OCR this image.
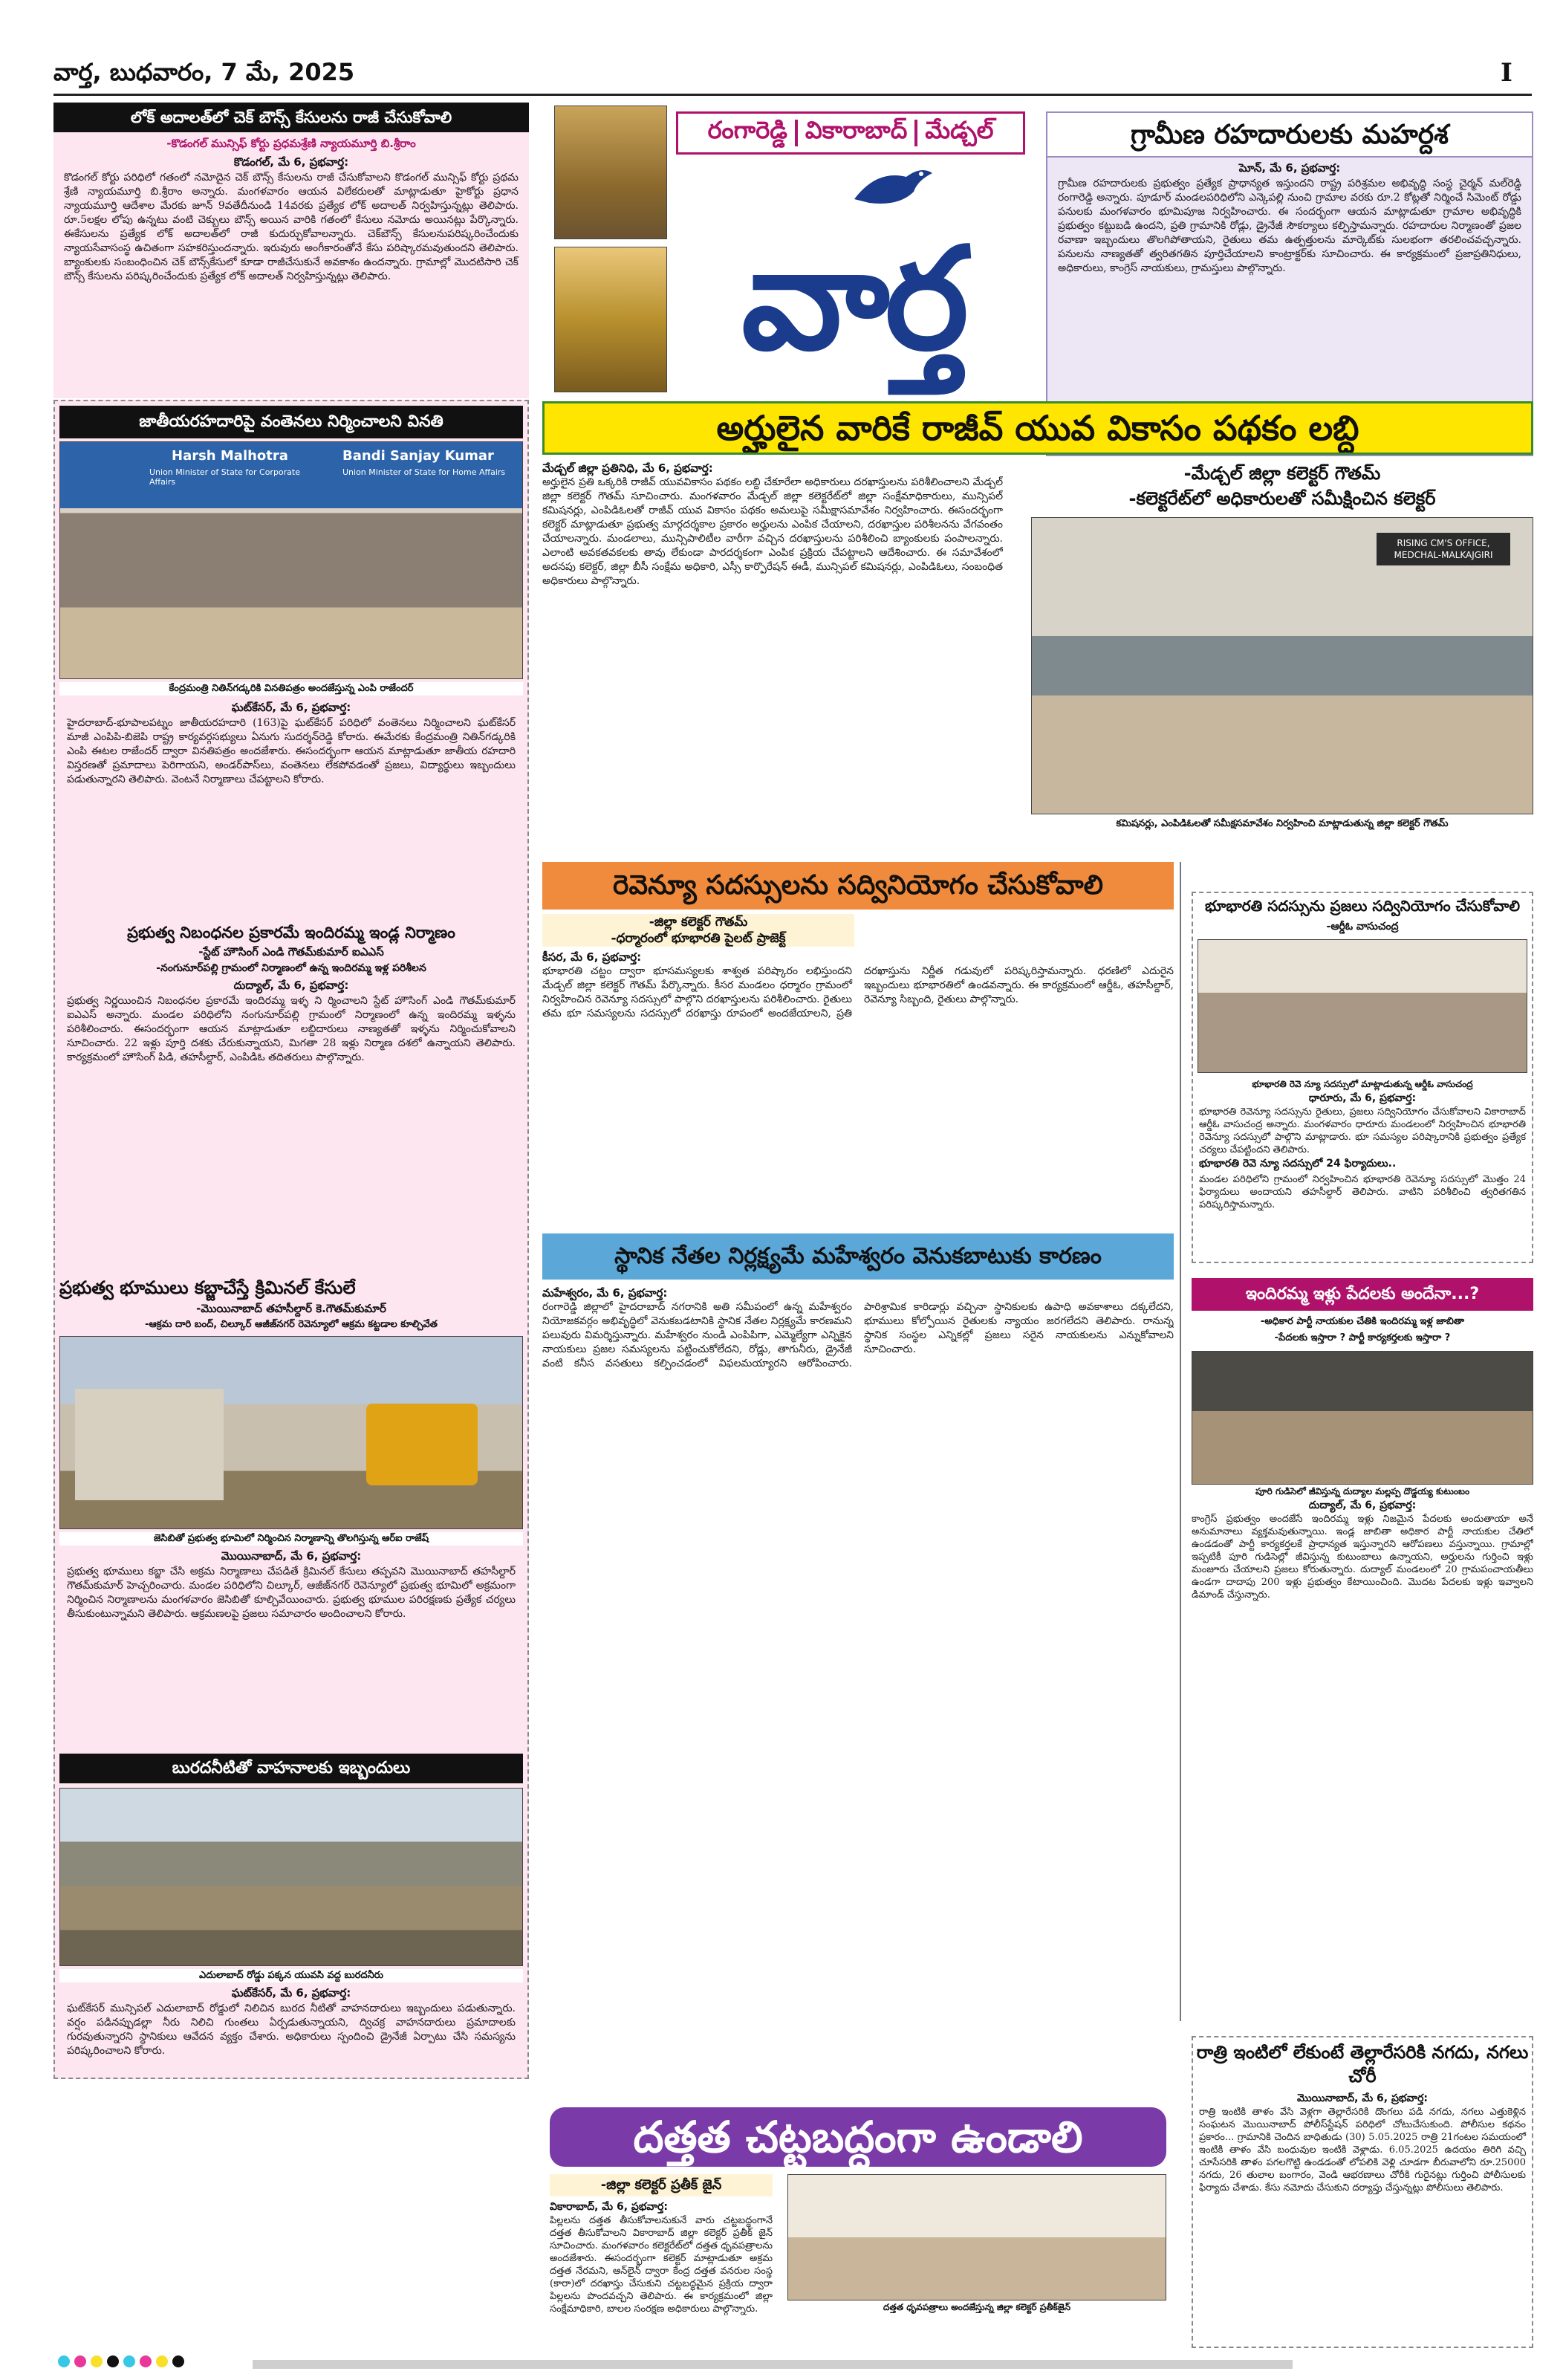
వార్త, బుధవారం, 7 మే, 2025	I
లోక్ అదాలత్‌లో చెక్ బౌన్స్ కేసులను రాజీ చేసుకోవాలి
-కొడంగల్ మున్సిఫ్ కోర్టు ప్రధమశ్రేణి న్యాయమూర్తి బి.శ్రీరాం
కొడంగల్, మే 6, ప్రభవార్త:
కొడంగల్ కోర్టు పరిధిలో గతంలో నమోదైన చెక్ బౌన్స్ కేసులను రాజీ చేసుకోవాలని కొడంగల్ మున్సిఫ్ కోర్టు ప్రథమ శ్రేణి న్యాయమూర్తి బి.శ్రీరాం అన్నారు. మంగళవారం ఆయన విలేకరులతో మాట్లాడుతూ హైకోర్టు ప్రధాన న్యాయమూర్తి ఆదేశాల మేరకు జూన్ 9వతేదీనుండి 14వరకు ప్రత్యేక లోక్ అదాలత్ నిర్వహిస్తున్నట్లు తెలిపారు. రూ.5లక్షల లోపు ఉన్నటు వంటి చెక్బులు బౌన్స్ అయిన వారికి గతంలో కేసులు నమోదు అయినట్లు పేర్కొన్నారు. ఈకేసులను ప్రత్యేక లోక్ అదాలత్‌లో రాజీ కుదుర్చుకోవాలన్నారు. చెక్‌బౌన్స్ కేసులనుపరిష్కరించేందుకు న్యాయసేవాసంస్థ ఉచితంగా సహకరిస్తుందన్నారు. ఇరువురు అంగీకారంతోనే కేసు పరిష్కారమవుతుందని తెలిపారు. బ్యాంకులకు సంబంధించిన చెక్ బౌన్స్‌కేసులో కూడా రాజీచేసుకునే అవకాశం ఉందన్నారు. గ్రామాల్లో మొదటిసారి చెక్ బౌన్స్ కేసులను పరిష్కరించేందుకు ప్రత్యేక లోక్ అదాలత్ నిర్వహిస్తున్నట్లు తెలిపారు.
రంగారెడ్డి వికారాబాద్ మేడ్చల్
వార్త
గ్రామీణ రహదారులకు మహర్దశ
పెూన్, మే 6, ప్రభవార్త:
గ్రామీణ రహదారులకు ప్రభుత్వం ప్రత్యేక ప్రాధాన్యత ఇస్తుందని రాష్ట్ర పరిశ్రమల అభివృద్ధి సంస్థ చైర్మన్ మల్‌రెడ్డి రంగారెడ్డి అన్నారు. పూడూర్ మండలపరిధిలోని ఎన్కెపల్లి నుంచి గ్రామాల వరకు రూ.2 కోట్లతో నిర్మించే సిమెంట్ రోడ్డు పనులకు మంగళవారం భూమిపూజ నిర్వహించారు. ఈ సందర్భంగా ఆయన మాట్లాడుతూ గ్రామాల అభివృద్ధికి ప్రభుత్వం కట్టుబడి ఉందని, ప్రతి గ్రామానికి రోడ్లు, డ్రైనేజీ సౌకర్యాలు కల్పిస్తామన్నారు. రహదారుల నిర్మాణంతో ప్రజల రవాణా ఇబ్బందులు తొలగిపోతాయని, రైతులు తమ ఉత్పత్తులను మార్కెట్‌కు సులభంగా తరలించవచ్చన్నారు. పనులను నాణ్యతతో త్వరితగతిన పూర్తిచేయాలని కాంట్రాక్టర్‌కు సూచించారు. ఈ కార్యక్రమంలో ప్రజాప్రతినిధులు, అధికారులు, కాంగ్రెస్ నాయకులు, గ్రామస్తులు పాల్గొన్నారు.
జాతీయరహదారిపై వంతెనలు నిర్మించాలని వినతి
Harsh Malhotra	Bandi Sanjay Kumar
Union Minister of State for Corporate Affairs
Union Minister of State for Home Affairs
కేంద్రమంత్రి నితిన్‌గడ్కరికి వినతిపత్రం అందజేస్తున్న ఎంపి రాజేందర్
ఘట్‌కేసర్, మే 6, ప్రభవార్త:
హైదరాబాద్-భూపాలపట్నం జాతీయరహదారి (163)పై ఘట్‌కేసర్ పరిధిలో వంతెనలు నిర్మించాలని ఘట్‌కేసర్ మాజీ ఎంపిపి-బిజెపి రాష్ట్ర కార్యవర్గసభ్యులు ఏనుగు సుదర్శన్‌రెడ్డి కోరారు. ఈమేరకు కేంద్రమంత్రి నితిన్‌గడ్కరికి ఎంపి ఈటల రాజేందర్ ద్వారా వినతిపత్రం అందజేశారు. ఈసందర్భంగా ఆయన మాట్లాడుతూ జాతీయ రహదారి విస్తరణతో ప్రమాదాలు పెరిగాయని, అండర్‌పాస్‌లు, వంతెనలు లేకపోవడంతో ప్రజలు, విద్యార్థులు ఇబ్బందులు పడుతున్నారని తెలిపారు. వెంటనే నిర్మాణాలు చేపట్టాలని కోరారు.
ప్రభుత్వ నిబంధనల ప్రకారమే ఇందిరమ్మ ఇండ్ల నిర్మాణం
-స్టేట్ హౌసింగ్ ఎండి గౌతమ్‌కుమార్ ఐఎఎస్
-నంగునూర్‌పల్లి గ్రామంలో నిర్మాణంలో ఉన్న ఇందిరమ్మ ఇళ్ల పరిశీలన
దుద్యాల్, మే 6, ప్రభవార్త:
ప్రభుత్వ నిర్ణయించిన నిబంధనల ప్రకారమే ఇందిరమ్మ ఇళ్ళ ని ర్మించాలని స్టేట్ హౌసింగ్ ఎండి గౌతమ్‌కుమార్ ఐఎఎస్ అన్నారు. మండల పరిధిలోని నంగునూర్‌పల్లి గ్రామంలో నిర్మాణంలో ఉన్న ఇందిరమ్మ ఇళ్ళను పరిశీలించారు. ఈసందర్భంగా ఆయన మాట్లాడుతూ లబ్దిదారులు నాణ్యతతో ఇళ్ళను నిర్మించుకోవాలని సూచించారు. 22 ఇళ్లు పూర్తి దశకు చేరుకున్నాయని, మిగతా 28 ఇళ్లు నిర్మాణ దశలో ఉన్నాయని తెలిపారు. కార్యక్రమంలో హౌసింగ్ పిడి, తహసీల్దార్, ఎంపిడిఓ తదితరులు పాల్గొన్నారు.
ప్రభుత్వ భూములు కబ్జాచేస్తే క్రిమినల్ కేసులే
-మొయినాబాద్ తహసీల్దార్ కె.గౌతమ్‌కుమార్
-ఆక్రమ దారి బంద్, చిల్కూర్ ఆజీజ్‌నగర్ రెవెన్యూలో ఆక్రమ కట్టడాల కూల్చివేత
జెసిబితో ప్రభుత్వ భూమిలో నిర్మించిన నిర్మాణాన్ని తొలగిస్తున్న ఆర్‌ఐ రాజేష్
మొయినాబాద్, మే 6, ప్రభవార్త:
ప్రభుత్వ భూములు కబ్జా చేసి అక్రమ నిర్మాణాలు చేపడితే క్రిమినల్ కేసులు తప్పవని మొయినాబాద్ తహసీల్దార్ గౌతమ్‌కుమార్ హెచ్చరించారు. మండల పరిధిలోని చిల్కూర్, ఆజీజ్‌నగర్ రెవెన్యూలో ప్రభుత్వ భూమిలో అక్రమంగా నిర్మించిన నిర్మాణాలను మంగళవారం జెసిబితో కూల్చివేయించారు. ప్రభుత్వ భూముల పరిరక్షణకు ప్రత్యేక చర్యలు తీసుకుంటున్నామని తెలిపారు. ఆక్రమణలపై ప్రజలు సమాచారం అందించాలని కోరారు.
బురదనీటితో వాహనాలకు ఇబ్బందులు
ఎదులాబాద్ రోడ్డు పక్కన యువసి వద్ద బురదనీరు
ఘట్‌కేసర్, మే 6, ప్రభవార్త:
ఘట్‌కేసర్ మున్సిపల్ ఎదులాబాద్ రోడ్డులో నిలిచిన బురద నీటితో వాహనదారులు ఇబ్బందులు పడుతున్నారు. వర్షం పడినప్పుడల్లా నీరు నిలిచి గుంతలు ఏర్పడుతున్నాయని, ద్విచక్ర వాహనదారులు ప్రమాదాలకు గురవుతున్నారని స్థానికులు ఆవేదన వ్యక్తం చేశారు. అధికారులు స్పందించి డ్రైనేజీ ఏర్పాటు చేసి సమస్యను పరిష్కరించాలని కోరారు.
అర్హులైన వారికే రాజీవ్ యువ వికాసం పథకం లబ్ది
మేడ్చల్ జిల్లా ప్రతినిధి, మే 6, ప్రభవార్త:
అర్హులైన ప్రతి ఒక్కరికి రాజీవ్ యువవికాసం పథకం లబ్ది చేకూరేలా అధికారులు దరఖాస్తులను పరిశీలించాలని మేడ్చల్ జిల్లా కలెక్టర్ గౌతమ్ సూచించారు. మంగళవారం మేడ్చల్ జిల్లా కలెక్టరేట్‌లో జిల్లా సంక్షేమాధికారులు, మున్సిపల్ కమిషనర్లు, ఎంపిడిఓలతో రాజీవ్ యువ వికాసం పథకం అమలుపై సమీక్షాసమావేశం నిర్వహించారు. ఈసందర్భంగా కలెక్టర్ మాట్లాడుతూ ప్రభుత్వ మార్గదర్శకాల ప్రకారం అర్హులను ఎంపిక చేయాలని, దరఖాస్తుల పరిశీలనను వేగవంతం చేయాలన్నారు. మండలాలు, మున్సిపాలిటీల వారీగా వచ్చిన దరఖాస్తులను పరిశీలించి బ్యాంకులకు పంపాలన్నారు. ఎలాంటి అవకతవకలకు తావు లేకుండా పారదర్శకంగా ఎంపిక ప్రక్రియ చేపట్టాలని ఆదేశించారు. ఈ సమావేశంలో అదనపు కలెక్టర్, జిల్లా బీసీ సంక్షేమ అధికారి, ఎస్సీ కార్పొరేషన్ ఈడీ, మున్సిపల్ కమిషనర్లు, ఎంపిడిఓలు, సంబంధిత అధికారులు పాల్గొన్నారు.
-మేడ్చల్ జిల్లా కలెక్టర్ గౌతమ్
-కలెక్టరేట్‌లో అధికారులతో సమీక్షించిన కలెక్టర్
RISING CM'S OFFICE, MEDCHAL-MALKAJGIRI
కమిషనర్లు, ఎంపిడిఓలతో సమీక్షసమావేశం నిర్వహించి మాట్లాడుతున్న జిల్లా కలెక్టర్ గౌతమ్
రెవెన్యూ సదస్సులను సద్వినియోగం చేసుకోవాలి
-జిల్లా కలెక్టర్ గౌతమ్
-ధర్మారంలో భూభారతి పైలట్ ప్రాజెక్ట్
కీసర, మే 6, ప్రభవార్త:
భూభారతి చట్టం ద్వారా భూసమస్యలకు శాశ్వత పరిష్కారం లభిస్తుందని మేడ్చల్ జిల్లా కలెక్టర్ గౌతమ్ పేర్కొన్నారు. కీసర మండలం ధర్మారం గ్రామంలో నిర్వహించిన రెవెన్యూ సదస్సులో పాల్గొని దరఖాస్తులను పరిశీలించారు. రైతులు తమ భూ సమస్యలను సదస్సులో దరఖాస్తు రూపంలో అందజేయాలని, ప్రతి దరఖాస్తును నిర్ణీత గడువులో పరిష్కరిస్తామన్నారు. ధరణిలో ఎదురైన ఇబ్బందులు భూభారతిలో ఉండవన్నారు. ఈ కార్యక్రమంలో ఆర్డీఓ, తహసీల్దార్, రెవెన్యూ సిబ్బంది, రైతులు పాల్గొన్నారు.
స్థానిక నేతల నిర్లక్ష్యమే మహేశ్వరం వెనుకబాటుకు కారణం
మహేశ్వరం, మే 6, ప్రభవార్త:
రంగారెడ్డి జిల్లాలో హైదరాబాద్ నగరానికి అతి సమీపంలో ఉన్న మహేశ్వరం నియోజకవర్గం అభివృద్ధిలో వెనుకబడటానికి స్థానిక నేతల నిర్లక్ష్యమే కారణమని పలువురు విమర్శిస్తున్నారు. మహేశ్వరం నుండి ఎంపిపిగా, ఎమ్మెల్యేగా ఎన్నికైన నాయకులు ప్రజల సమస్యలను పట్టించుకోలేదని, రోడ్లు, తాగునీరు, డ్రైనేజీ వంటి కనీస వసతులు కల్పించడంలో విఫలమయ్యారని ఆరోపించారు. పారిశ్రామిక కారిడార్లు వచ్చినా స్థానికులకు ఉపాధి అవకాశాలు దక్కలేదని, భూములు కోల్పోయిన రైతులకు న్యాయం జరగలేదని తెలిపారు. రానున్న స్థానిక సంస్థల ఎన్నికల్లో ప్రజలు సరైన నాయకులను ఎన్నుకోవాలని సూచించారు.
దత్తత చట్టబద్ధంగా ఉండాలి
-జిల్లా కలెక్టర్ ప్రతీక్ జైన్
వికారాబాద్, మే 6, ప్రభవార్త:
పిల్లలను దత్తత తీసుకోవాలనుకునే వారు చట్టబద్ధంగానే దత్తత తీసుకోవాలని వికారాబాద్ జిల్లా కలెక్టర్ ప్రతీక్ జైన్ సూచించారు. మంగళవారం కలెక్టరేట్‌లో దత్తత ధృవపత్రాలను అందజేశారు. ఈసందర్భంగా కలెక్టర్ మాట్లాడుతూ అక్రమ దత్తత నేరమని, ఆన్‌లైన్ ద్వారా కేంద్ర దత్తత వనరుల సంస్థ (కారా)లో దరఖాస్తు చేసుకుని చట్టబద్ధమైన ప్రక్రియ ద్వారా పిల్లలను పొందవచ్చని తెలిపారు. ఈ కార్యక్రమంలో జిల్లా సంక్షేమాధికారి, బాలల సంరక్షణ అధికారులు పాల్గొన్నారు.	దత్తత ధృవపత్రాలు అందజేస్తున్న జిల్లా కలెక్టర్ ప్రతీక్‌జైన్
భూభారతి సదస్సును ప్రజలు సద్వినియోగం చేసుకోవాలి
-ఆర్డీఓ వాసుచంద్ర
భూభారతి రెవె న్యూ సదస్సులో మాట్లాడుతున్న ఆర్డీఓ వాసుచంద్ర
ధారూరు, మే 6, ప్రభవార్త:
భూభారతి రెవెన్యూ సదస్సును రైతులు, ప్రజలు సద్వినియోగం చేసుకోవాలని వికారాబాద్ ఆర్డీఓ వాసుచంద్ర అన్నారు. మంగళవారం ధారూరు మండలంలో నిర్వహించిన భూభారతి రెవెన్యూ సదస్సులో పాల్గొని మాట్లాడారు. భూ సమస్యల పరిష్కారానికి ప్రభుత్వం ప్రత్యేక చర్యలు చేపట్టిందని తెలిపారు.
భూభారతి రెవె న్యూ సదస్సులో 24 ఫిర్యాదులు..
మండల పరిధిలోని గ్రామంలో నిర్వహించిన భూభారతి రెవెన్యూ సదస్సులో మొత్తం 24 ఫిర్యాదులు అందాయని తహసీల్దార్ తెలిపారు. వాటిని పరిశీలించి త్వరితగతిన పరిష్కరిస్తామన్నారు.
ఇందిరమ్మ ఇళ్లు పేదలకు అందేనా...?
-అధికార పార్టీ నాయకుల చేతికి ఇందిరమ్మ ఇళ్ల జాబితా
-పేదలకు ఇస్తారా ? పార్టీ కార్యకర్తలకు ఇస్తారా ?
పూరి గుడిసెలో జీవిస్తున్న దుద్యాల మల్లప్ప దొడ్డయ్య కుటుంబం
దుద్యాల్, మే 6, ప్రభవార్త:
కాంగ్రెస్ ప్రభుత్వం అందజేసే ఇందిరమ్మ ఇళ్లు నిజమైన పేదలకు అందుతాయా అనే అనుమానాలు వ్యక్తమవుతున్నాయి. ఇండ్ల జాబితా అధికార పార్టీ నాయకుల చేతిలో ఉండడంతో పార్టీ కార్యకర్తలకే ప్రాధాన్యత ఇస్తున్నారని ఆరోపణలు వస్తున్నాయి. గ్రామాల్లో ఇప్పటికీ పూరి గుడిసెల్లో జీవిస్తున్న కుటుంబాలు ఉన్నాయని, అర్హులను గుర్తించి ఇళ్లు మంజూరు చేయాలని ప్రజలు కోరుతున్నారు. దుద్యాల్ మండలంలో 20 గ్రామపంచాయతీలు ఉండగా దాదాపు 200 ఇళ్లు ప్రభుత్వం కేటాయించింది. మొదట పేదలకు ఇళ్లు ఇవ్వాలని డిమాండ్ చేస్తున్నారు.
రాత్రి ఇంటిలో లేకుంటే తెల్లారేసరికి నగదు, నగలు చోరీ
మొయినాబాద్, మే 6, ప్రభవార్త:
రాత్రి ఇంటికి తాళం వేసి వెళ్లగా తెల్లారేసరికి దొంగలు పడి నగదు, నగలు ఎత్తుకెళ్లిన సంఘటన మొయినాబాద్ పోలీస్‌స్టేషన్ పరిధిలో చోటుచేసుకుంది. పోలీసుల కథనం ప్రకారం... గ్రామానికి చెందిన బాధితుడు (30) 5.05.2025 రాత్రి 21గంటల సమయంలో ఇంటికి తాళం వేసి బంధువుల ఇంటికి వెళ్లాడు. 6.05.2025 ఉదయం తిరిగి వచ్చి చూసేసరికి తాళం పగలగొట్టి ఉండడంతో లోపలికి వెళ్లి చూడగా బీరువాలోని రూ.25000 నగదు, 26 తులాల బంగారం, వెండి ఆభరణాలు చోరీకి గురైనట్లు గుర్తించి పోలీసులకు ఫిర్యాదు చేశాడు. కేసు నమోదు చేసుకుని దర్యాప్తు చేస్తున్నట్లు పోలీసులు తెలిపారు.
